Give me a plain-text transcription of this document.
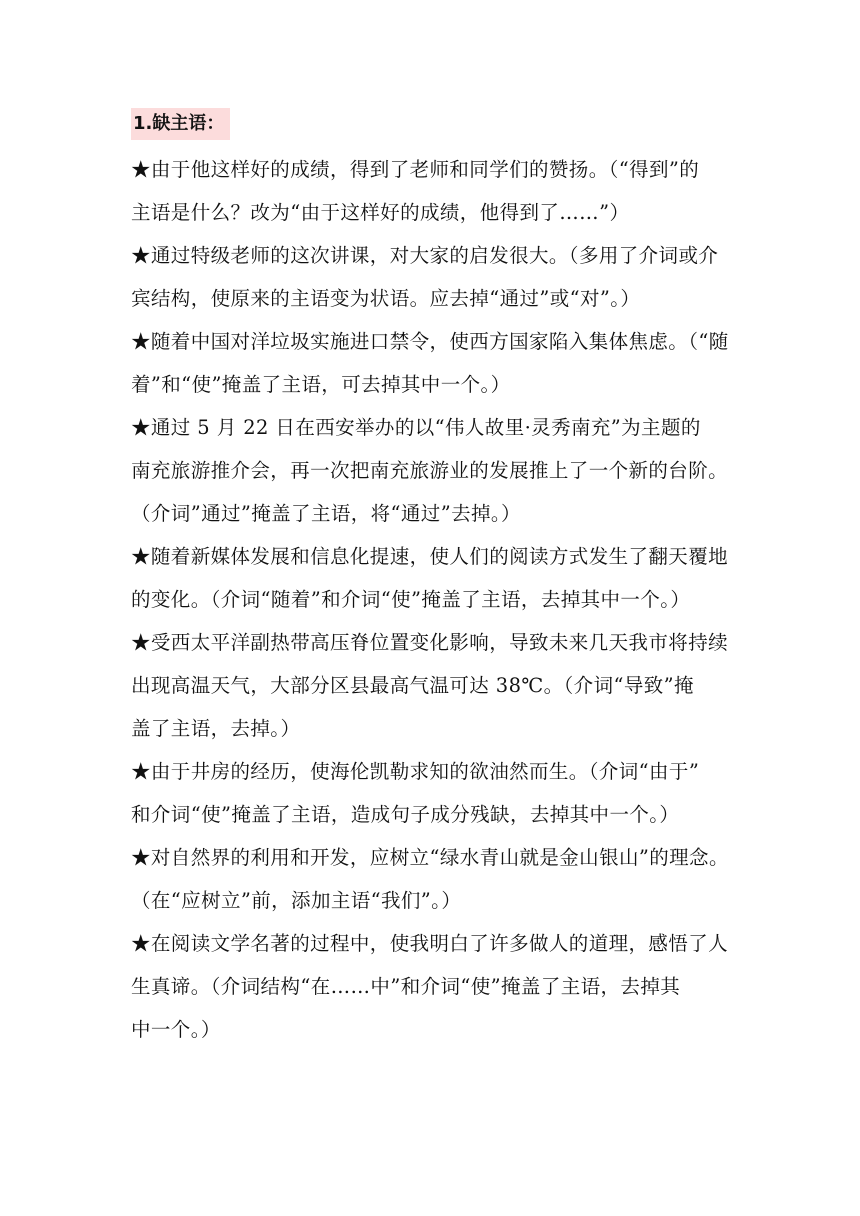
1.缺主语：
★由于他这样好的成绩，得到了老师和同学们的赞扬。（“得到”的
主语是什么？改为“由于这样好的成绩，他得到了……”）
★通过特级老师的这次讲课，对大家的启发很大。（多用了介词或介
宾结构，使原来的主语变为状语。应去掉“通过”或“对”。）
★随着中国对洋垃圾实施进口禁令，使西方国家陷入集体焦虑。（“随
着”和“使”掩盖了主语，可去掉其中一个。）
★通过 5 月 22 日在西安举办的以“伟人故里·灵秀南充”为主题的
南充旅游推介会，再一次把南充旅游业的发展推上了一个新的台阶。
（介词”通过”掩盖了主语，将“通过”去掉。）
★随着新媒体发展和信息化提速，使人们的阅读方式发生了翻天覆地
的变化。（介词“随着”和介词“使”掩盖了主语，去掉其中一个。）
★受西太平洋副热带高压脊位置变化影响，导致未来几天我市将持续
出现高温天气，大部分区县最高气温可达 38℃。（介词“导致”掩
盖了主语，去掉。）
★由于井房的经历，使海伦凯勒求知的欲油然而生。（介词“由于”
和介词“使”掩盖了主语，造成句子成分残缺，去掉其中一个。）
★对自然界的利用和开发，应树立“绿水青山就是金山银山”的理念。
（在“应树立”前，添加主语“我们”。）
★在阅读文学名著的过程中，使我明白了许多做人的道理，感悟了人
生真谛。（介词结构“在……中”和介词“使”掩盖了主语，去掉其
中一个。）
